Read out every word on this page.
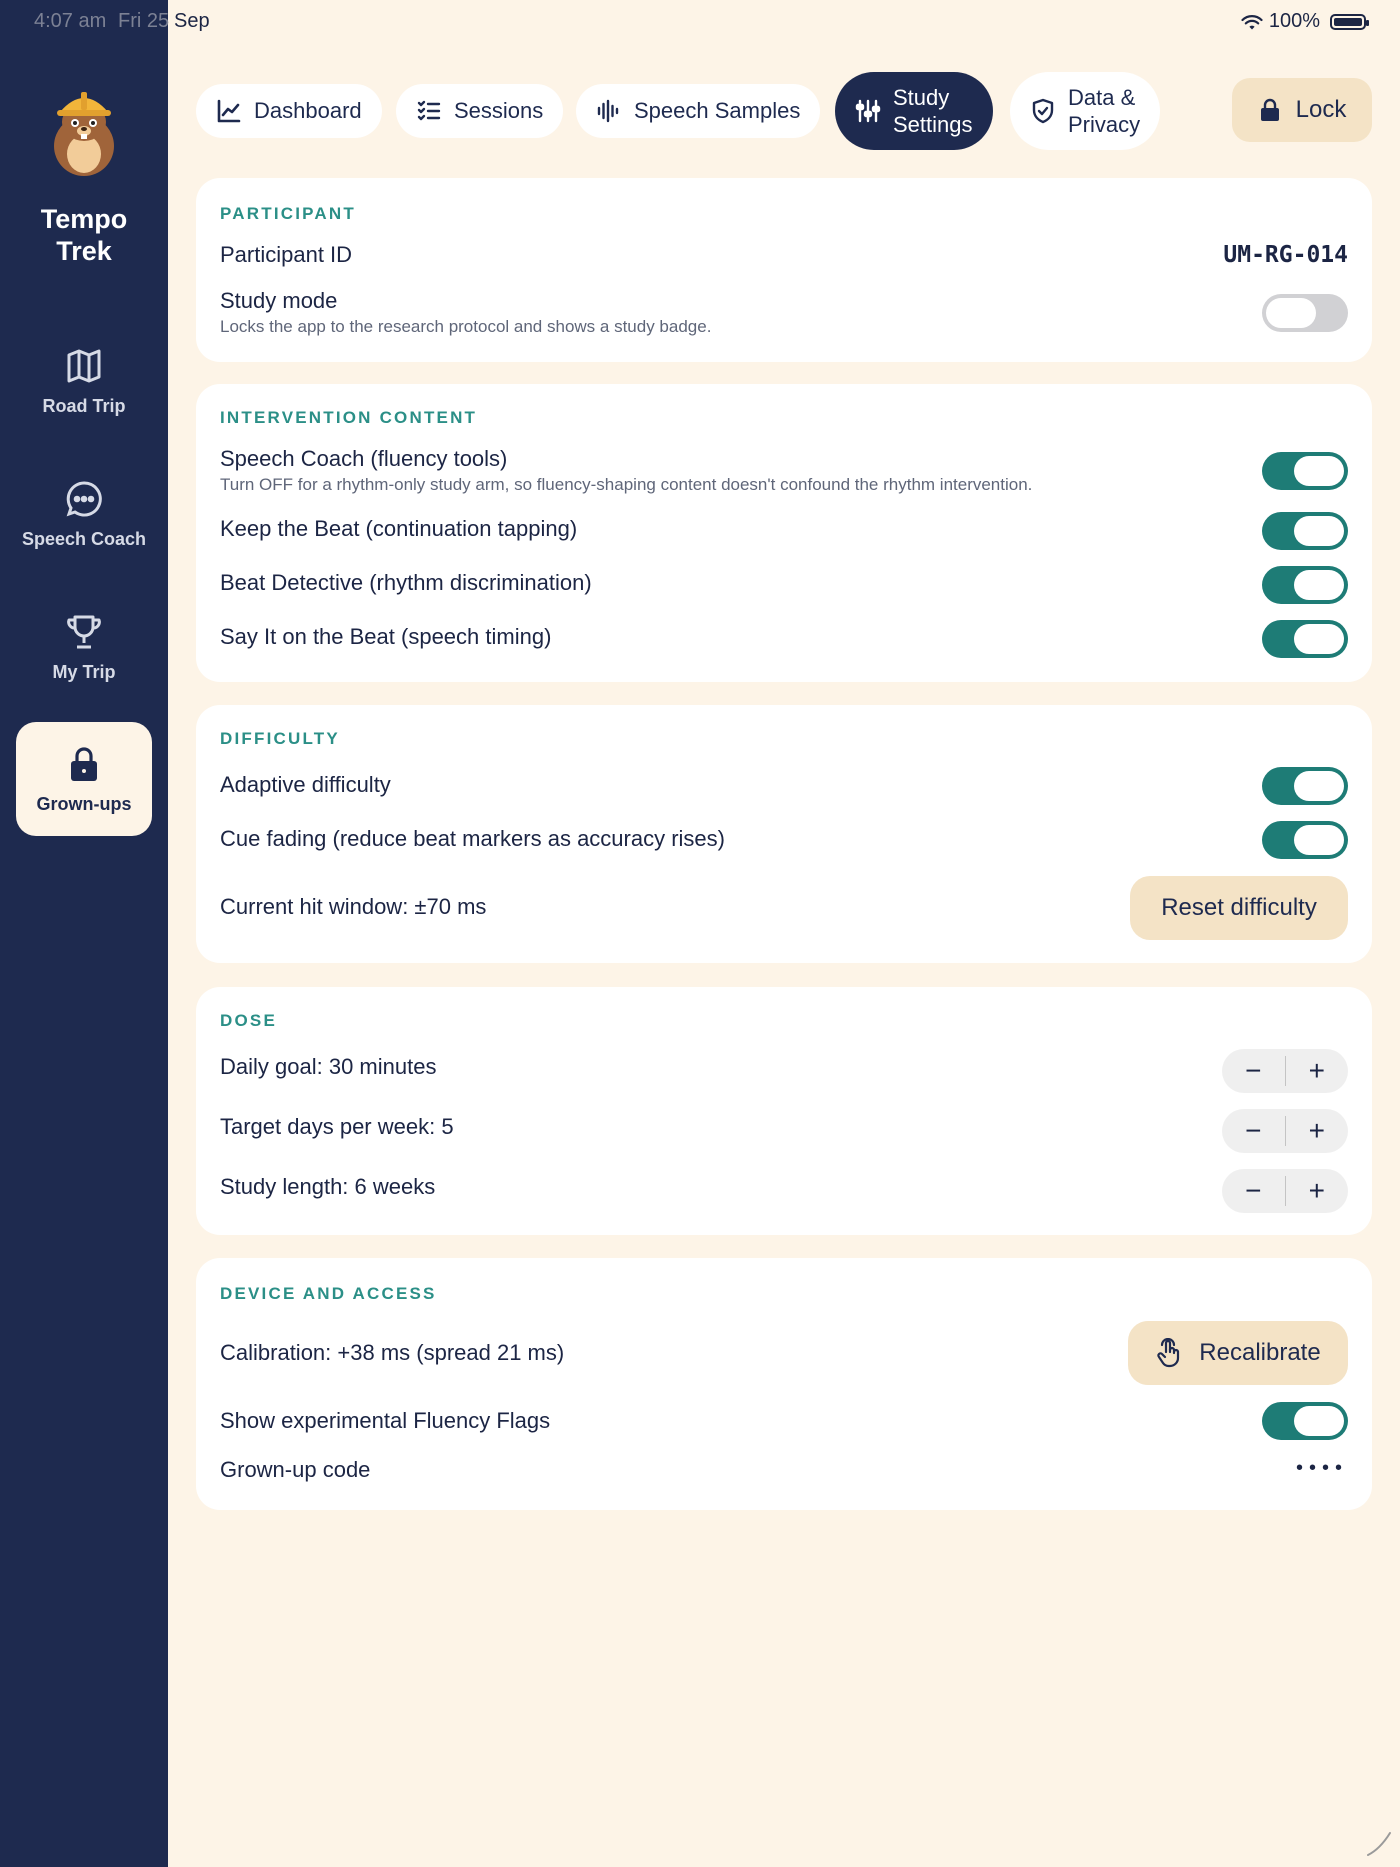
4:07 am Fri 25 Sep	100%
Tempo
Trek
Road Trip
Speech Coach
My Trip
Grown-ups
Dashboard	Sessions	Speech Samples
Study
Settings
Data &
Privacy
Lock
PARTICIPANT
Participant ID	UM-RG-014
Study mode
Locks the app to the research protocol and shows a study badge.
INTERVENTION CONTENT
Speech Coach (fluency tools)
Turn OFF for a rhythm-only study arm, so fluency-shaping content doesn't confound the rhythm intervention.
Keep the Beat (continuation tapping)
Beat Detective (rhythm discrimination)
Say It on the Beat (speech timing)
DIFFICULTY
Adaptive difficulty
Cue fading (reduce beat markers as accuracy rises)
Current hit window: ±70 ms	Reset difficulty
DOSE
Daily goal: 30 minutes	−	+
Target days per week: 5	−	+
Study length: 6 weeks	−	+
DEVICE AND ACCESS
Calibration: +38 ms (spread 21 ms)	Recalibrate
Show experimental Fluency Flags
Grown-up code	••••
